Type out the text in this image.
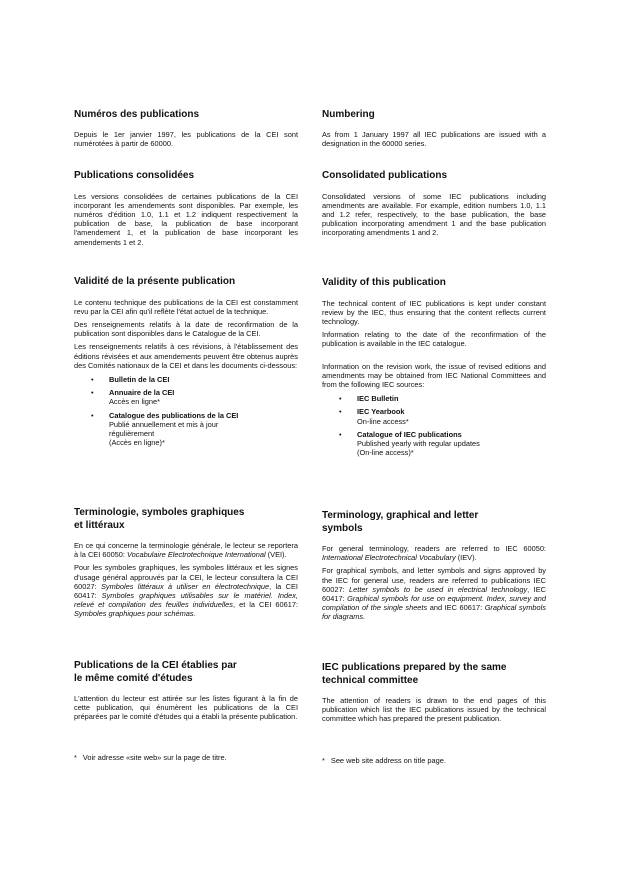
Numéros des publications

Depuis le 1er janvier 1997, les publications de la CEI sont numérotées à partir de 60000.

Publications consolidées

Les versions consolidées de certaines publications de la CEI incorporant les amendements sont disponibles. Par exemple, les numéros d'édition 1.0, 1.1 et 1.2 indiquent respectivement la publication de base, la publication de base incorporant l'amendement 1, et la publication de base incorporant les amendements 1 et 2.

Validité de la présente publication

Le contenu technique des publications de la CEI est constamment revu par la CEI afin qu'il reflète l'état actuel de la technique.

Des renseignements relatifs à la date de reconfirmation de la publication sont disponibles dans le Catalogue de la CEI.

Les renseignements relatifs à ces révisions, à l'établissement des éditions révisées et aux amendements peuvent être obtenus auprès des Comités nationaux de la CEI et dans les documents ci-dessous:

• Bulletin de la CEI
• Annuaire de la CEI
Accès en ligne*
• Catalogue des publications de la CEI
Publié annuellement et mis à jour
régulièrement
(Accès en ligne)*
Terminologie, symboles graphiques
et littéraux

En ce qui concerne la terminologie générale, le lecteur se reportera à la CEI 60050: Vocabulaire Electrotechnique International (VEI).

Pour les symboles graphiques, les symboles littéraux et les signes d'usage général approuvés par la CEI, le lecteur consultera la CEI 60027: Symboles littéraux à utiliser en électrotechnique, la CEI 60417: Symboles graphiques utilisables sur le matériel. Index, relevé et compilation des feuilles individuelles, et la CEI 60617: Symboles graphiques pour schémas.

Publications de la CEI établies par
le même comité d'études

L'attention du lecteur est attirée sur les listes figurant à la fin de cette publication, qui énumèrent les publications de la CEI préparées par le comité d'études qui a établi la présente publication.

* Voir adresse «site web» sur la page de titre.
Numbering

As from 1 January 1997 all IEC publications are issued with a designation in the 60000 series.

Consolidated publications

Consolidated versions of some IEC publications including amendments are available. For example, edition numbers 1.0, 1.1 and 1.2 refer, respectively, to the base publication, the base publication incorporating amendment 1 and the base publication incorporating amendments 1 and 2.

Validity of this publication

The technical content of IEC publications is kept under constant review by the IEC, thus ensuring that the content reflects current technology.

Information relating to the date of the reconfirmation of the publication is available in the IEC catalogue.

Information on the revision work, the issue of revised editions and amendments may be obtained from IEC National Committees and from the following IEC sources:

• IEC Bulletin
• IEC Yearbook
On-line access*
• Catalogue of IEC publications
Published yearly with regular updates
(On-line access)*
Terminology, graphical and letter
symbols

For general terminology, readers are referred to IEC 60050: International Electrotechnical Vocabulary (IEV).

For graphical symbols, and letter symbols and signs approved by the IEC for general use, readers are referred to publications IEC 60027: Letter symbols to be used in electrical technology, IEC 60417: Graphical symbols for use on equipment. Index, survey and compilation of the single sheets and IEC 60617: Graphical symbols for diagrams.

IEC publications prepared by the same
technical committee

The attention of readers is drawn to the end pages of this publication which list the IEC publications issued by the technical committee which has prepared the present publication.

* See web site address on title page.
